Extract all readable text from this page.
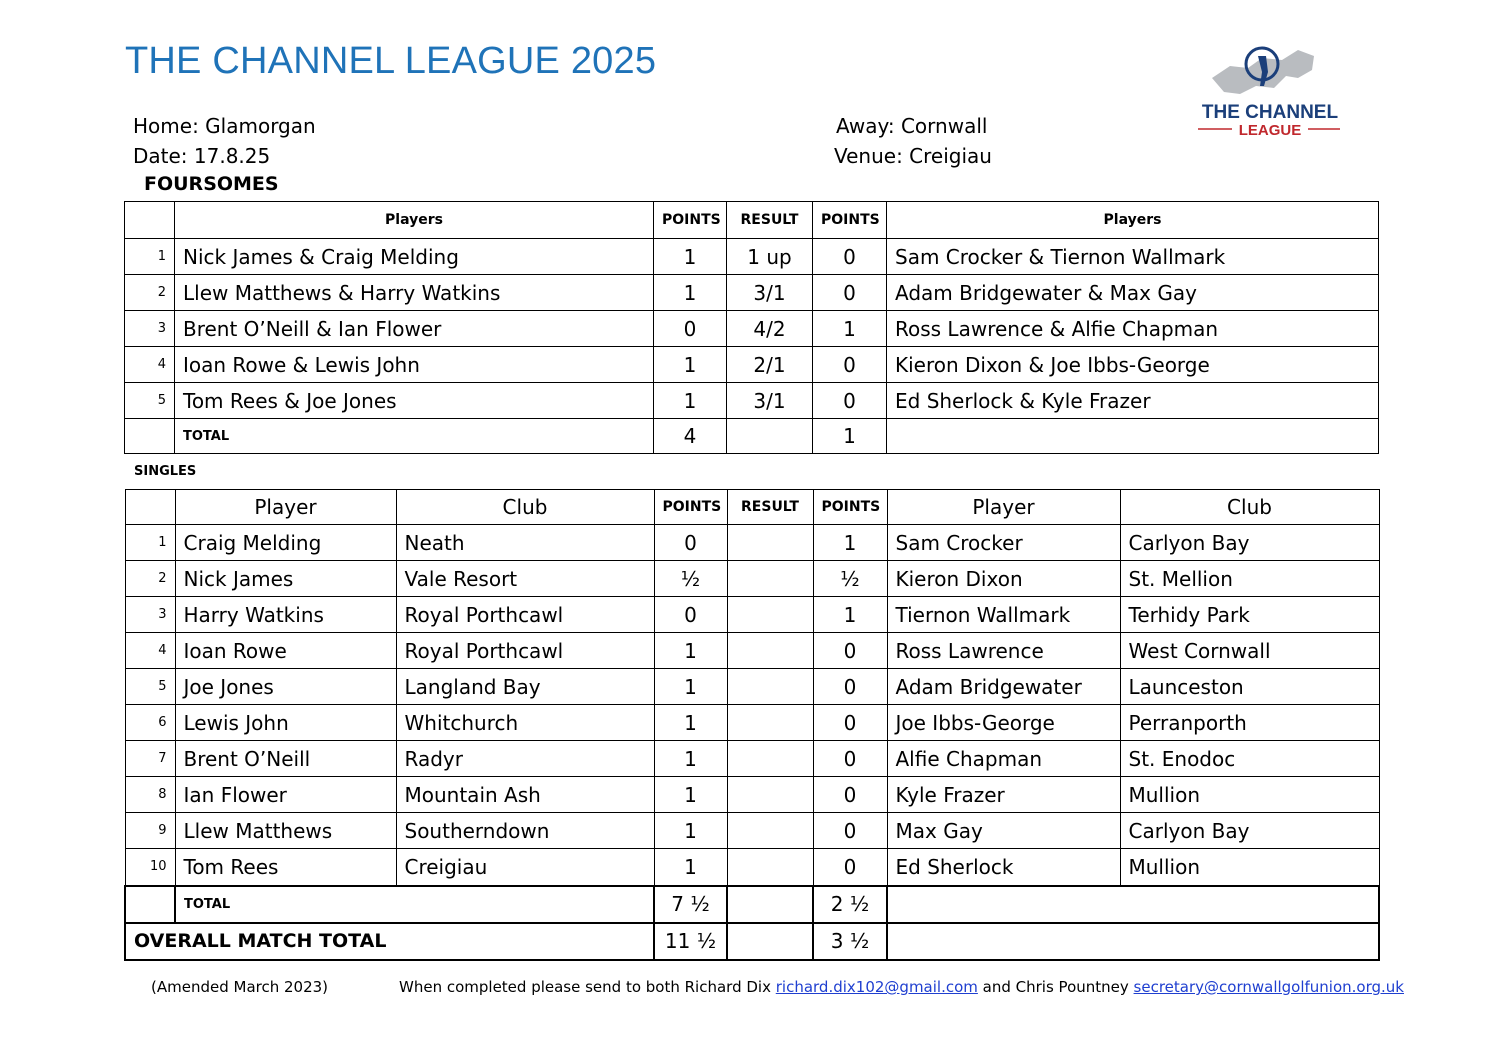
THE CHANNEL LEAGUE 2025
THE CHANNEL
LEAGUE
Home: Glamorgan
Date: 17.8.25
Away: Cornwall
Venue: Creigiau
FOURSOMES
	Players	POINTS	RESULT	POINTS	Players
1	Nick James & Craig Melding	1	1 up	0	Sam Crocker & Tiernon Wallmark
2	Llew Matthews & Harry Watkins	1	3/1	0	Adam Bridgewater & Max Gay
3	Brent O’Neill & Ian Flower	0	4/2	1	Ross Lawrence & Alfie Chapman
4	Ioan Rowe & Lewis John	1	2/1	0	Kieron Dixon & Joe Ibbs-George
5	Tom Rees & Joe Jones	1	3/1	0	Ed Sherlock & Kyle Frazer
	TOTAL	4		1	
SINGLES
	Player	Club	POINTS	RESULT	POINTS	Player	Club
1	Craig Melding	Neath	0		1	Sam Crocker	Carlyon Bay
2	Nick James	Vale Resort	½		½	Kieron Dixon	St. Mellion
3	Harry Watkins	Royal Porthcawl	0		1	Tiernon Wallmark	Terhidy Park
4	Ioan Rowe	Royal Porthcawl	1		0	Ross Lawrence	West Cornwall
5	Joe Jones	Langland Bay	1		0	Adam Bridgewater	Launceston
6	Lewis John	Whitchurch	1		0	Joe Ibbs-George	Perranporth
7	Brent O’Neill	Radyr	1		0	Alfie Chapman	St. Enodoc
8	Ian Flower	Mountain Ash	1		0	Kyle Frazer	Mullion
9	Llew Matthews	Southerndown	1		0	Max Gay	Carlyon Bay
10	Tom Rees	Creigiau	1		0	Ed Sherlock	Mullion
	TOTAL		7 ½		2 ½		
OVERALL MATCH TOTAL			11 ½		3 ½		
(Amended March 2023)	When completed please send to both Richard Dix richard.dix102@gmail.com and Chris Pountney secretary@cornwallgolfunion.org.uk
